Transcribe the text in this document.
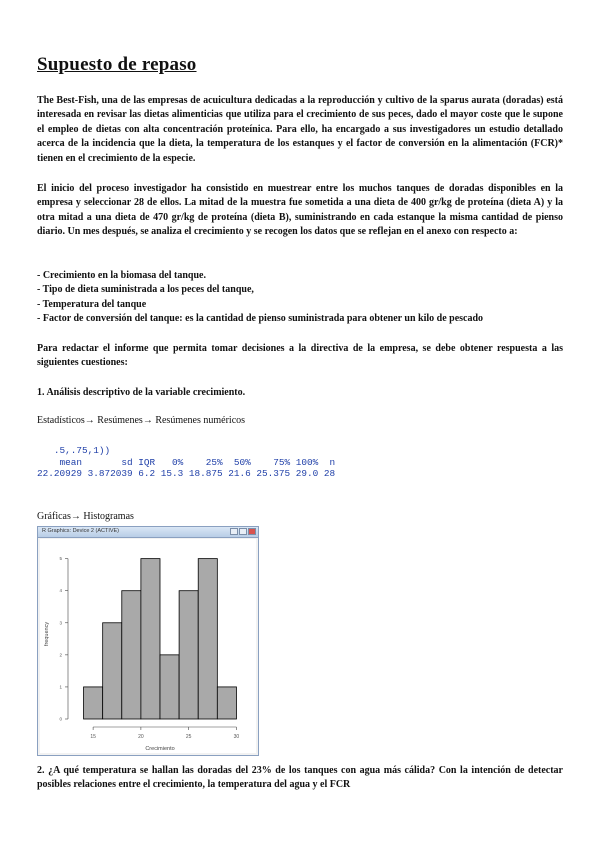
Supuesto de repaso

The Best-Fish, una de las empresas de acuicultura dedicadas a la reproducción y cultivo de la sparus aurata (doradas) está interesada en revisar las dietas alimenticias que utiliza para el crecimiento de sus peces, dado el mayor coste que le supone el empleo de dietas con alta concentración proteínica. Para ello, ha encargado a sus investigadores un estudio detallado acerca de la incidencia que la dieta, la temperatura de los estanques y el factor de conversión en la alimentación (FCR)* tienen en el crecimiento de la especie.

El inicio del proceso investigador ha consistido en muestrear entre los muchos tanques de doradas disponibles en la empresa y seleccionar 28 de ellos. La mitad de la muestra fue sometida a una dieta de 400 gr/kg de proteína (dieta A) y la otra mitad a una dieta de 470 gr/kg de proteína (dieta B), suministrando en cada estanque la misma cantidad de pienso diario. Un mes después, se analiza el crecimiento y se recogen los datos que se reflejan en el anexo con respecto a:

- Crecimiento en la biomasa del tanque.
- Tipo de dieta suministrada a los peces del tanque,
- Temperatura del tanque
- Factor de conversión del tanque: es la cantidad de pienso suministrada para obtener un kilo de pescado

Para redactar el informe que permita tomar decisiones a la directiva de la empresa, se debe obtener respuesta a las siguientes cuestiones:

1. Análisis descriptivo de la variable crecimiento.
Estadísticos→ Resúmenes→ Resúmenes numéricos
.5,.75,1))
mean       sd IQR   0%    25%  50%    75% 100%  n
22.20929 3.872039 6.2 15.3 18.875 21.6 25.375 29.0 28
Gráficas→ Histogramas
R Graphics: Device 2 (ACTIVE)
15	20	25	30
0
1
2
3
4
5
Crecimiento
frequency

2. ¿A qué temperatura se hallan las doradas del 23% de los tanques con agua más cálida? Con la intención de detectar posibles relaciones entre el crecimiento, la temperatura del agua y el FCR
